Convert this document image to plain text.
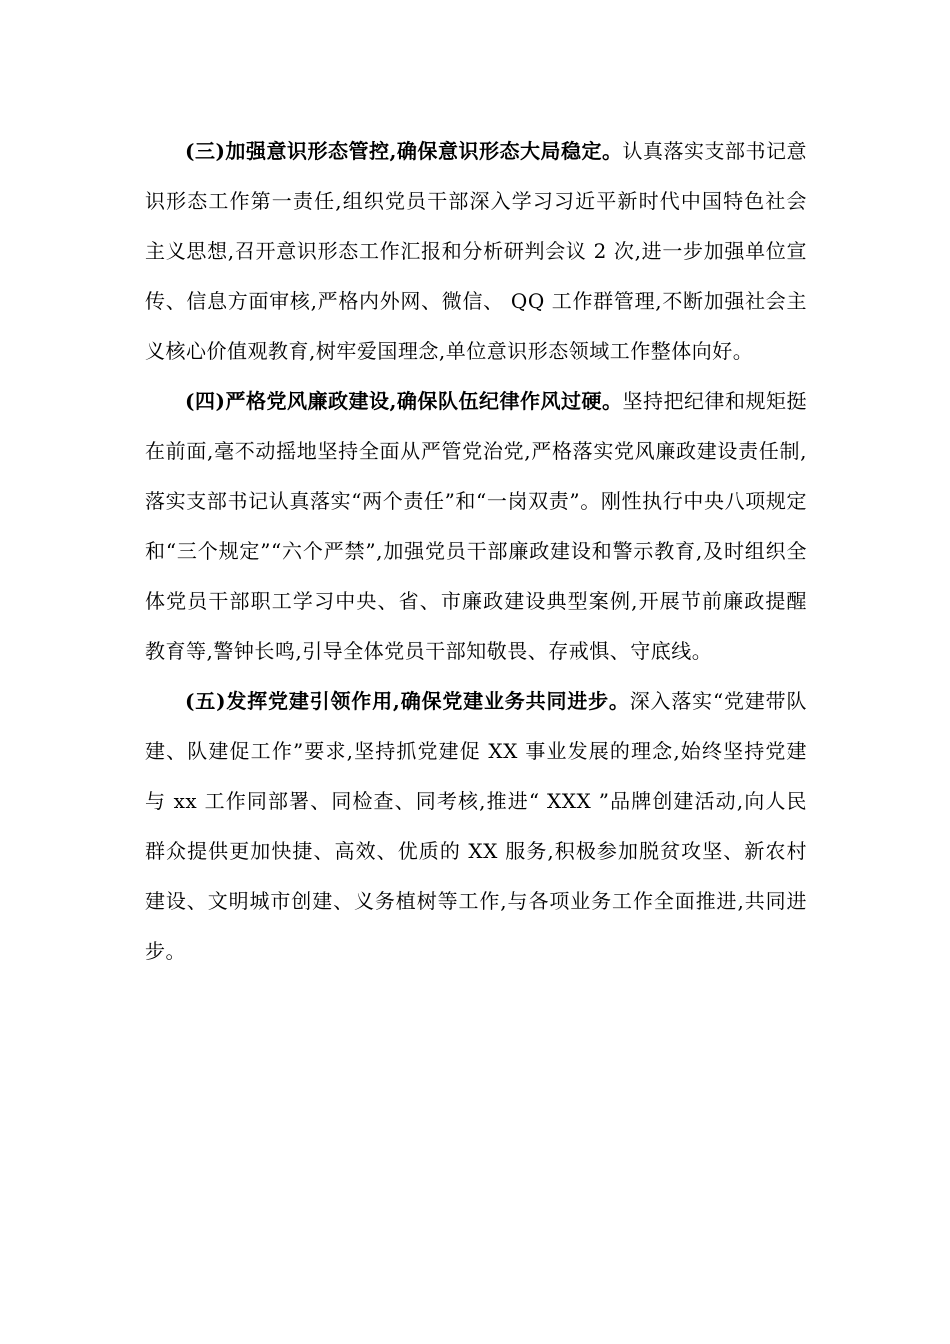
(三)加强意识形态管控,确保意识形态大局稳定。认真落实支部书记意识形态工作第一责任,组织党员干部深入学习习近平新时代中国特色社会主义思想,召开意识形态工作汇报和分析研判会议 2 次,进一步加强单位宣传、信息方面审核,严格内外网、微信、 QQ 工作群管理,不断加强社会主义核心价值观教育,树牢爱国理念,单位意识形态领域工作整体向好。

(四)严格党风廉政建设,确保队伍纪律作风过硬。坚持把纪律和规矩挺在前面,毫不动摇地坚持全面从严管党治党,严格落实党风廉政建设责任制,落实支部书记认真落实“两个责任”和“一岗双责”。刚性执行中央八项规定和“三个规定”“六个严禁”,加强党员干部廉政建设和警示教育,及时组织全体党员干部职工学习中央、省、市廉政建设典型案例,开展节前廉政提醒教育等,警钟长鸣,引导全体党员干部知敬畏、存戒惧、守底线。

(五)发挥党建引领作用,确保党建业务共同进步。深入落实“党建带队建、队建促工作”要求,坚持抓党建促 XX 事业发展的理念,始终坚持党建与 xx 工作同部署、同检查、同考核,推进“ XXX ”品牌创建活动,向人民群众提供更加快捷、高效、优质的 XX 服务,积极参加脱贫攻坚、新农村建设、文明城市创建、义务植树等工作,与各项业务工作全面推进,共同进步。
